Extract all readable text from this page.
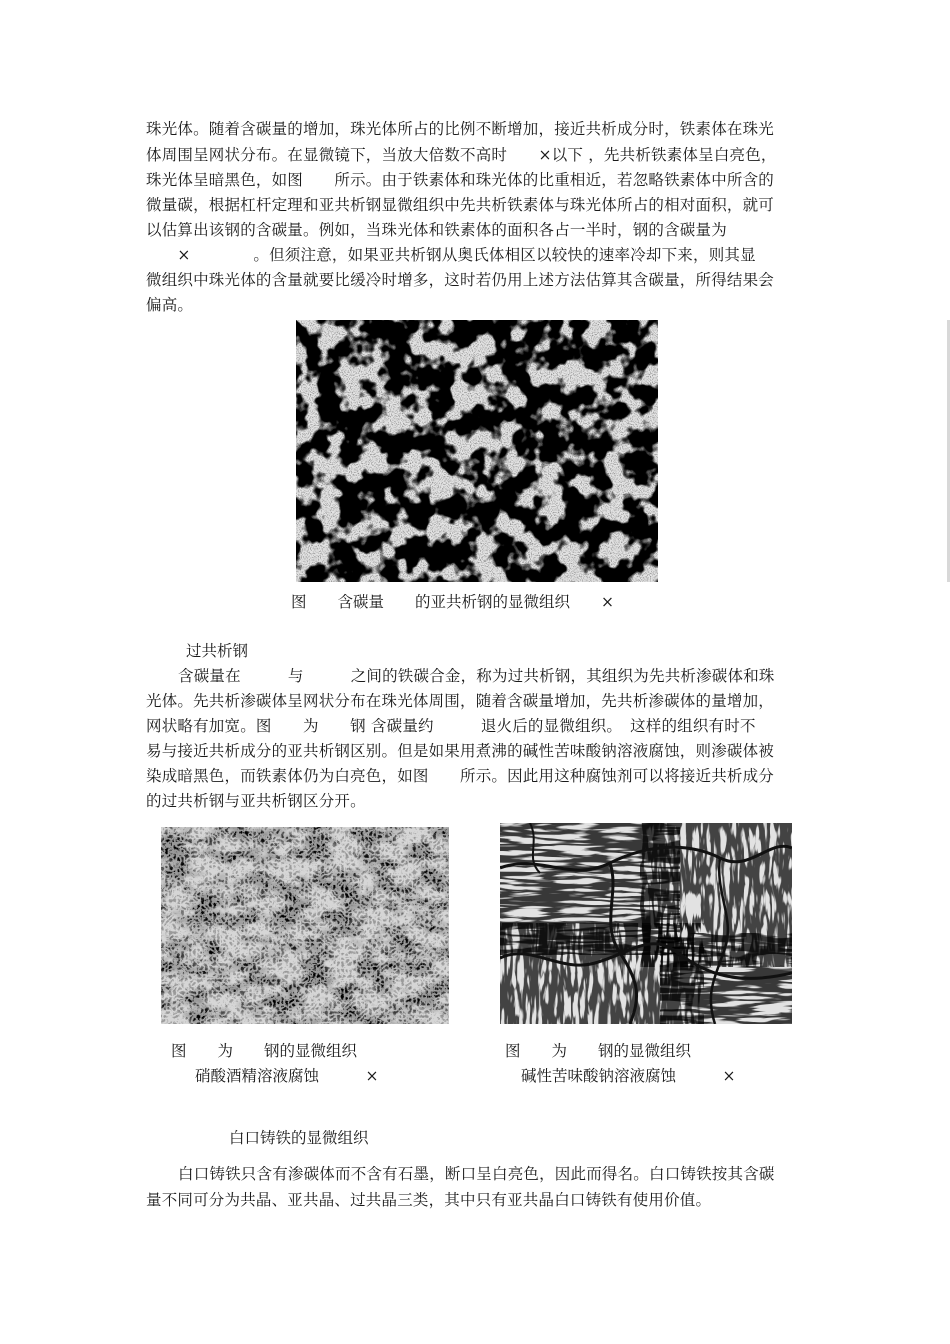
珠光体。随着含碳量的增加，珠光体所占的比例不断增加，接近共析成分时，铁素体在珠光
体周围呈网状分布。在显微镜下，当放大倍数不高时　　×以下 ，先共析铁素体呈白亮色，
珠光体呈暗黑色，如图　　所示。由于铁素体和珠光体的比重相近，若忽略铁素体中所含的
微量碳，根据杠杆定理和亚共析钢显微组织中先共析铁素体与珠光体所占的相对面积，就可
以估算出该钢的含碳量。例如，当珠光体和铁素体的面积各占一半时，钢的含碳量为
　　×　　　　。但须注意，如果亚共析钢从奥氏体相区以较快的速率冷却下来，则其显
微组织中珠光体的含量就要比缓冷时增多，这时若仍用上述方法估算其含碳量，所得结果会
偏高。
图　　含碳量　　的亚共析钢的显微组织　　×
过共析钢
含碳量在　　　与　　　之间的铁碳合金，称为过共析钢，其组织为先共析渗碳体和珠
光体。先共析渗碳体呈网状分布在珠光体周围，随着含碳量增加，先共析渗碳体的量增加，
网状略有加宽。图　　为　　钢 含碳量约　　　退火后的显微组织。　这样的组织有时不
易与接近共析成分的亚共析钢区别。但是如果用煮沸的碱性苦味酸钠溶液腐蚀，则渗碳体被
染成暗黑色，而铁素体仍为白亮色，如图　　所示。因此用这种腐蚀剂可以将接近共析成分
的过共析钢与亚共析钢区分开。
图　　为　　钢的显微组织
硝酸酒精溶液腐蚀　　　×
图　　为　　钢的显微组织
碱性苦味酸钠溶液腐蚀　　　×
白口铸铁的显微组织
白口铸铁只含有渗碳体而不含有石墨，断口呈白亮色，因此而得名。白口铸铁按其含碳
量不同可分为共晶、亚共晶、过共晶三类，其中只有亚共晶白口铸铁有使用价值。
